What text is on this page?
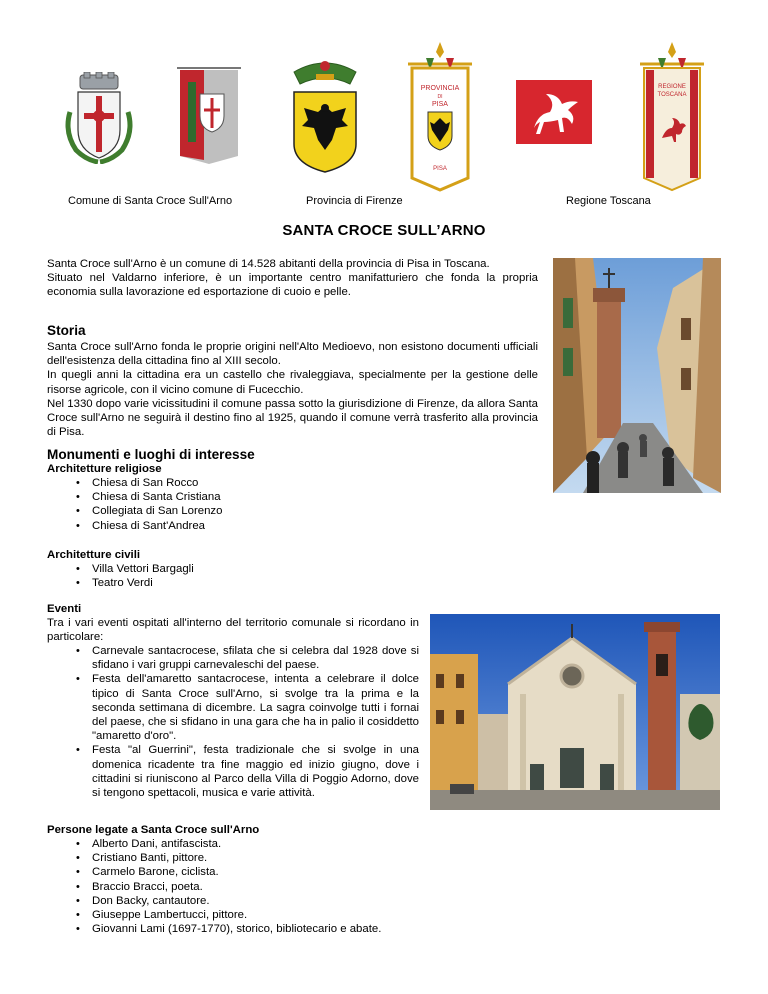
PROVINCIA
DI
PISA
PISA
REGIONE
TOSCANA
Comune di Santa Croce Sull'Arno	Provincia di Firenze	Regione Toscana
SANTA CROCE SULL’ARNO
Santa Croce sull'Arno è un comune di 14.528 abitanti della provincia di Pisa in Toscana.
Situato nel Valdarno inferiore, è un importante centro manifatturiero che fonda la propria economia sulla lavorazione ed esportazione di cuoio e pelle.
Storia
Santa Croce sull'Arno fonda le proprie origini nell'Alto Medioevo, non esistono documenti ufficiali dell'esistenza della cittadina fino al XIII secolo.
In quegli anni la cittadina era un castello che rivaleggiava, specialmente per la gestione delle risorse agricole, con il vicino comune di Fucecchio.
Nel 1330 dopo varie vicissitudini il comune passa sotto la giurisdizione di Firenze, da allora Santa Croce sull'Arno ne seguirà il destino fino al 1925, quando il comune verrà trasferito alla provincia di Pisa.
Monumenti e luoghi di interesse
Architetture religiose
• Chiesa di San Rocco
• Chiesa di Santa Cristiana
• Collegiata di San Lorenzo
• Chiesa di Sant'Andrea
Architetture civili
• Villa Vettori Bargagli
• Teatro Verdi
Eventi
Tra i vari eventi ospitati all'interno del territorio comunale si ricordano in particolare:
• Carnevale santacrocese, sfilata che si celebra dal 1928 dove si sfidano i vari gruppi carnevaleschi del paese.
• Festa dell'amaretto santacrocese, intenta a celebrare il dolce tipico di Santa Croce sull'Arno, si svolge tra la prima e la seconda settimana di dicembre. La sagra coinvolge tutti i fornai del paese, che si sfidano in una gara che ha in palio il cosiddetto "amaretto d'oro".
• Festa "al Guerrini", festa tradizionale che si svolge in una domenica ricadente tra fine maggio ed inizio giugno, dove i cittadini si riuniscono al Parco della Villa di Poggio Adorno, dove si tengono spettacoli, musica e varie attività.
Persone legate a Santa Croce sull'Arno
• Alberto Dani, antifascista.
• Cristiano Banti, pittore.
• Carmelo Barone, ciclista.
• Braccio Bracci, poeta.
• Don Backy, cantautore.
• Giuseppe Lambertucci, pittore.
• Giovanni Lami (1697-1770), storico, bibliotecario e abate.
